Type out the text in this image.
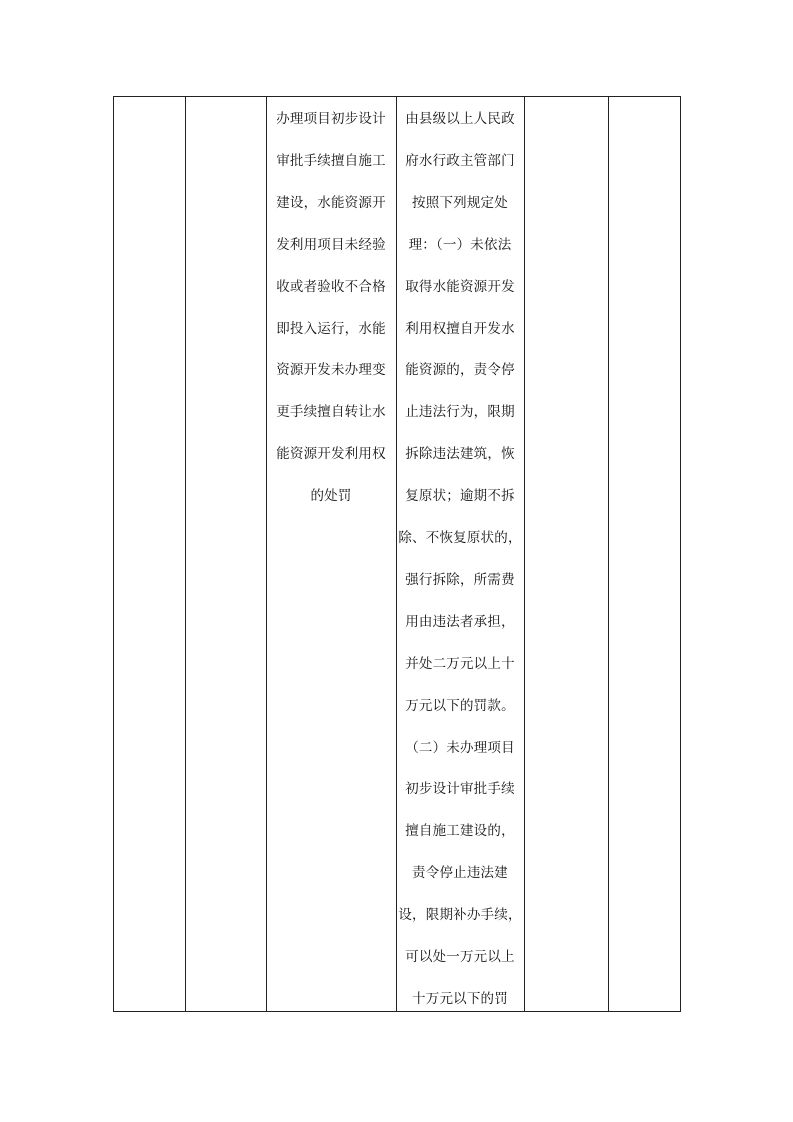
办理项目初步设计
审批手续擅自施工
建设，水能资源开
发利用项目未经验
收或者验收不合格
即投入运行，水能
资源开发未办理变
更手续擅自转让水
能资源开发利用权
的处罚
由县级以上人民政
府水行政主管部门
按照下列规定处
理：（一）未依法
取得水能资源开发
利用权擅自开发水
能资源的，责令停
止违法行为，限期
拆除违法建筑，恢
复原状；逾期不拆
除、不恢复原状的，
强行拆除，所需费
用由违法者承担，
并处二万元以上十
万元以下的罚款。
（二）未办理项目
初步设计审批手续
擅自施工建设的，
责令停止违法建
设，限期补办手续，
可以处一万元以上
十万元以下的罚
